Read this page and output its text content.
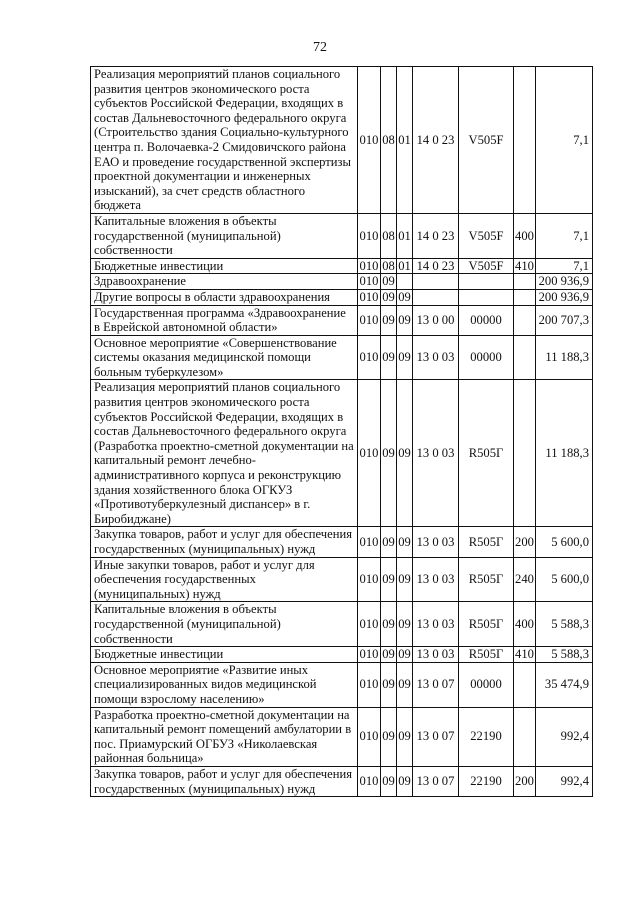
72
Реализация мероприятий планов социального развития центров экономического роста субъектов Российской Федерации, входящих в состав Дальневосточного федерального округа (Строительство здания Социально-культурного центра п. Волочаевка-2 Смидовичского района ЕАО и проведение государственной экспертизы проектной документации и инженерных изысканий), за счет средств областного бюджета	010	08	01	14 0 23	V505F		7,1
Капитальные вложения в объекты государственной (муниципальной) собственности	010	08	01	14 0 23	V505F	400	7,1
Бюджетные инвестиции	010	08	01	14 0 23	V505F	410	7,1
Здравоохранение	010	09					200 936,9
Другие вопросы в области здравоохранения	010	09	09				200 936,9
Государственная программа «Здравоохранение в Еврейской автономной области»	010	09	09	13 0 00	00000		200 707,3
Основное мероприятие «Совершенствование системы оказания медицинской помощи больным туберкулезом»	010	09	09	13 0 03	00000		11 188,3
Реализация мероприятий планов социального развития центров экономического роста субъектов Российской Федерации, входящих в состав Дальневосточного федерального округа (Разработка проектно-сметной документации на капитальный ремонт лечебно-административного корпуса и реконструкцию здания хозяйственного блока ОГКУЗ «Противотуберкулезный диспансер» в г. Биробиджане)	010	09	09	13 0 03	R505Г		11 188,3
Закупка товаров, работ и услуг для обеспечения государственных (муниципальных) нужд	010	09	09	13 0 03	R505Г	200	5 600,0
Иные закупки товаров, работ и услуг для обеспечения государственных (муниципальных) нужд	010	09	09	13 0 03	R505Г	240	5 600,0
Капитальные вложения в объекты государственной (муниципальной) собственности	010	09	09	13 0 03	R505Г	400	5 588,3
Бюджетные инвестиции	010	09	09	13 0 03	R505Г	410	5 588,3
Основное мероприятие «Развитие иных специализированных видов медицинской помощи взрослому населению»	010	09	09	13 0 07	00000		35 474,9
Разработка проектно-сметной документации на капитальный ремонт помещений амбулатории в пос. Приамурский ОГБУЗ «Николаевская районная больница»	010	09	09	13 0 07	22190		992,4
Закупка товаров, работ и услуг для обеспечения государственных (муниципальных) нужд	010	09	09	13 0 07	22190	200	992,4
